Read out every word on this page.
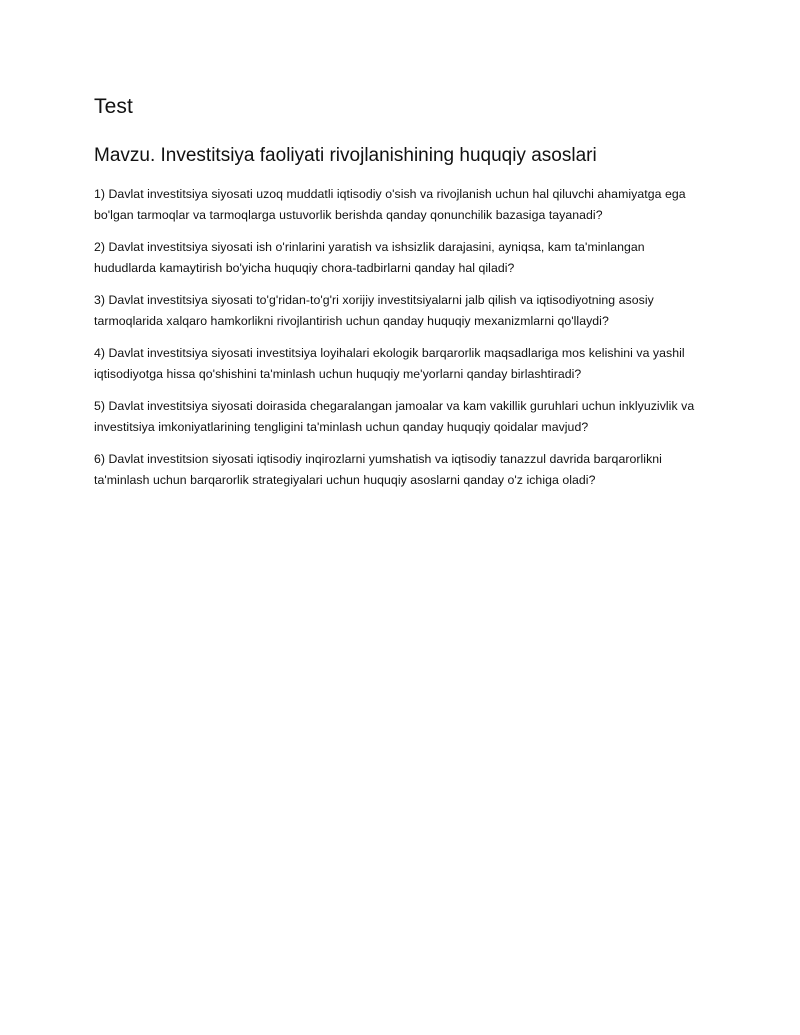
Test
Mavzu. Investitsiya faoliyati rivojlanishining huquqiy asoslari
1) Davlat investitsiya siyosati uzoq muddatli iqtisodiy o'sish va rivojlanish uchun hal qiluvchi ahamiyatga ega bo'lgan tarmoqlar va tarmoqlarga ustuvorlik berishda qanday qonunchilik bazasiga tayanadi?
2) Davlat investitsiya siyosati ish o'rinlarini yaratish va ishsizlik darajasini, ayniqsa, kam ta'minlangan hududlarda kamaytirish bo'yicha huquqiy chora-tadbirlarni qanday hal qiladi?
3) Davlat investitsiya siyosati to'g'ridan-to'g'ri xorijiy investitsiyalarni jalb qilish va iqtisodiyotning asosiy tarmoqlarida xalqaro hamkorlikni rivojlantirish uchun qanday huquqiy mexanizmlarni qo'llaydi?
4) Davlat investitsiya siyosati investitsiya loyihalari ekologik barqarorlik maqsadlariga mos kelishini va yashil iqtisodiyotga hissa qo'shishini ta'minlash uchun huquqiy me'yorlarni qanday birlashtiradi?
5) Davlat investitsiya siyosati doirasida chegaralangan jamoalar va kam vakillik guruhlari uchun inklyuzivlik va investitsiya imkoniyatlarining tengligini ta'minlash uchun qanday huquqiy qoidalar mavjud?
6) Davlat investitsion siyosati iqtisodiy inqirozlarni yumshatish va iqtisodiy tanazzul davrida barqarorlikni ta'minlash uchun barqarorlik strategiyalari uchun huquqiy asoslarni qanday o'z ichiga oladi?
